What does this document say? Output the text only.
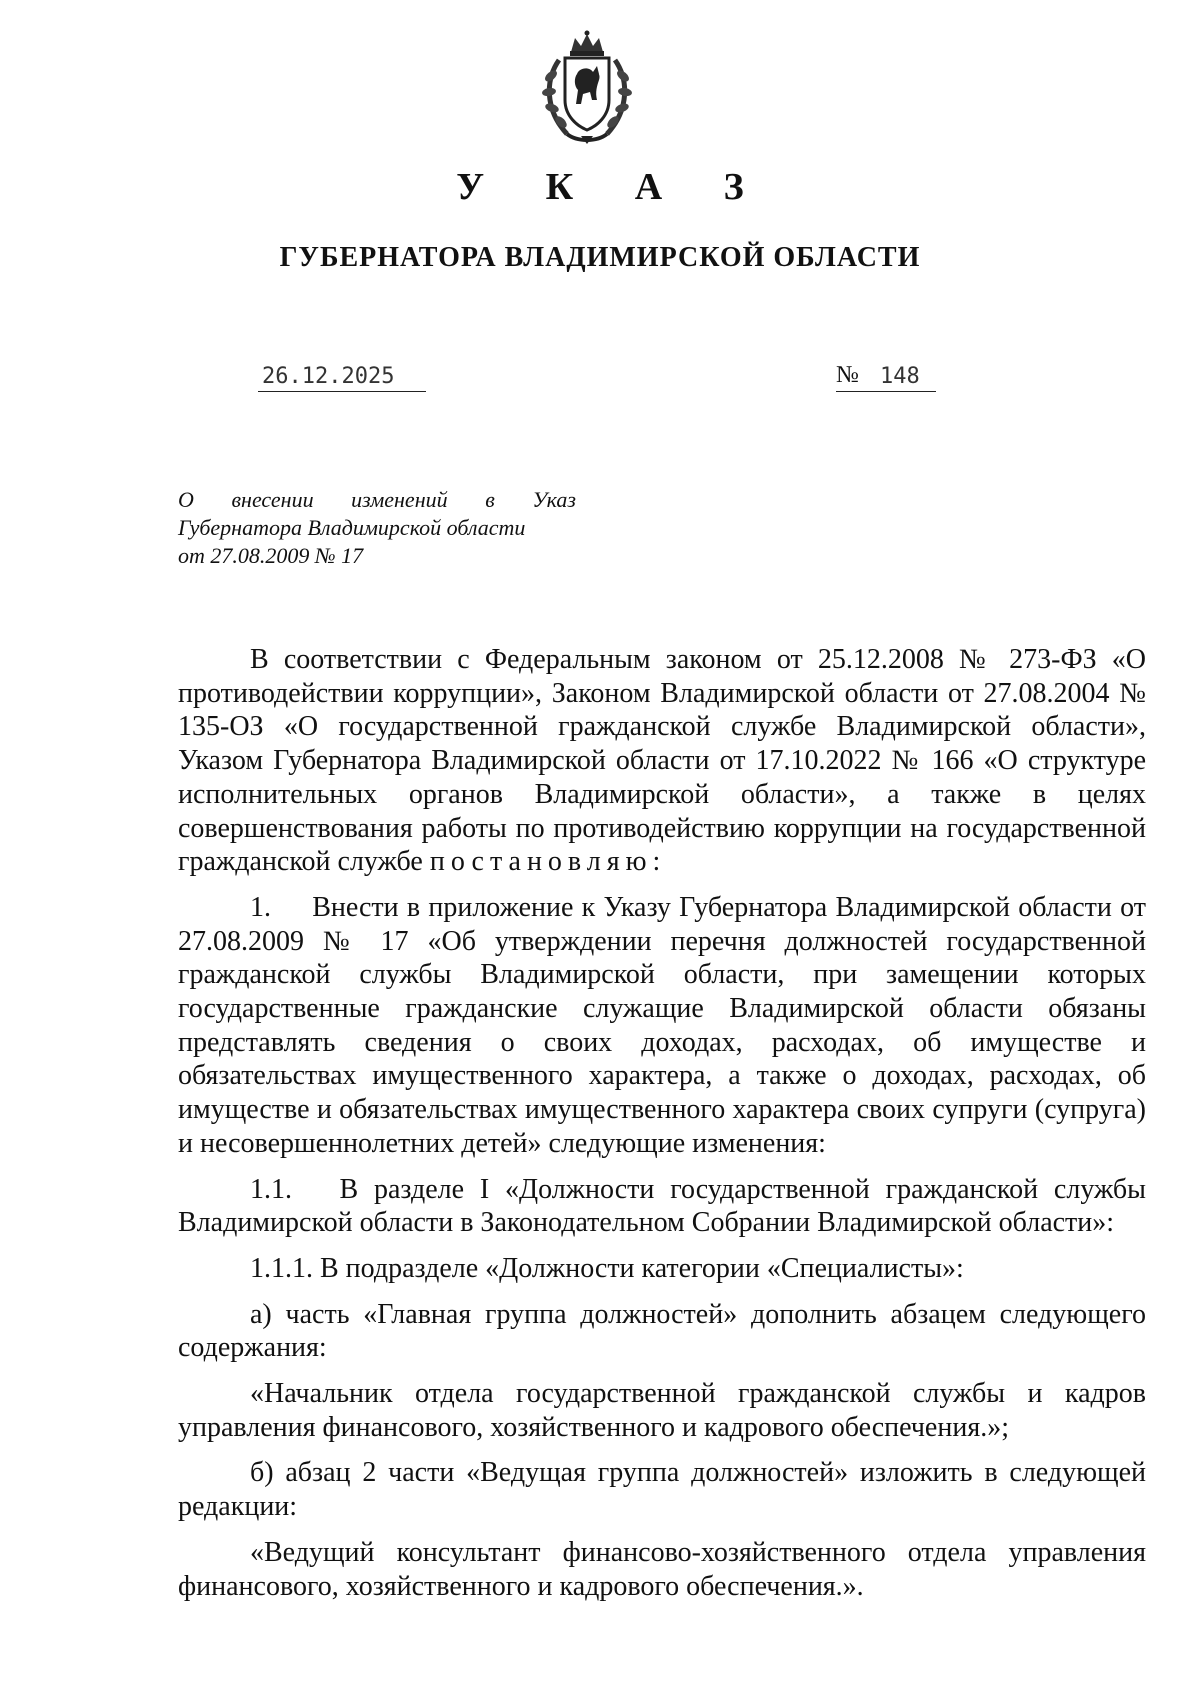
У К А З
ГУБЕРНАТОРА ВЛАДИМИРСКОЙ ОБЛАСТИ
26.12.2025	№ 148
О внесении изменений в Указ
Губернатора Владимирской области
от 27.08.2009 № 17

В соответствии с Федеральным законом от 25.12.2008 № 273-ФЗ «О противодействии коррупции», Законом Владимирской области от 27.08.2004 № 135-ОЗ «О государственной гражданской службе Владимирской области», Указом Губернатора Владимирской области от 17.10.2022 № 166 «О структуре исполнительных органов Владимирской области», а также в целях совершенствования работы по противодействию коррупции на государственной гражданской службе постановляю:

1.     Внести в приложение к Указу Губернатора Владимирской области от 27.08.2009 № 17 «Об утверждении перечня должностей государственной гражданской службы Владимирской области, при замещении которых государственные гражданские служащие Владимирской области обязаны представлять сведения о своих доходах, расходах, об имуществе и обязательствах имущественного характера, а также о доходах, расходах, об имуществе и обязательствах имущественного характера своих супруги (супруга) и несовершеннолетних детей» следующие изменения:

1.1.   В разделе I «Должности государственной гражданской службы Владимирской области в Законодательном Собрании Владимирской области»:

1.1.1. В подразделе «Должности категории «Специалисты»:

а) часть «Главная группа должностей» дополнить абзацем следующего содержания:

«Начальник отдела государственной гражданской службы и кадров управления финансового, хозяйственного и кадрового обеспечения.»;

б) абзац 2 части «Ведущая группа должностей» изложить в следующей редакции:

«Ведущий консультант финансово-хозяйственного отдела управления финансового, хозяйственного и кадрового обеспечения.».
